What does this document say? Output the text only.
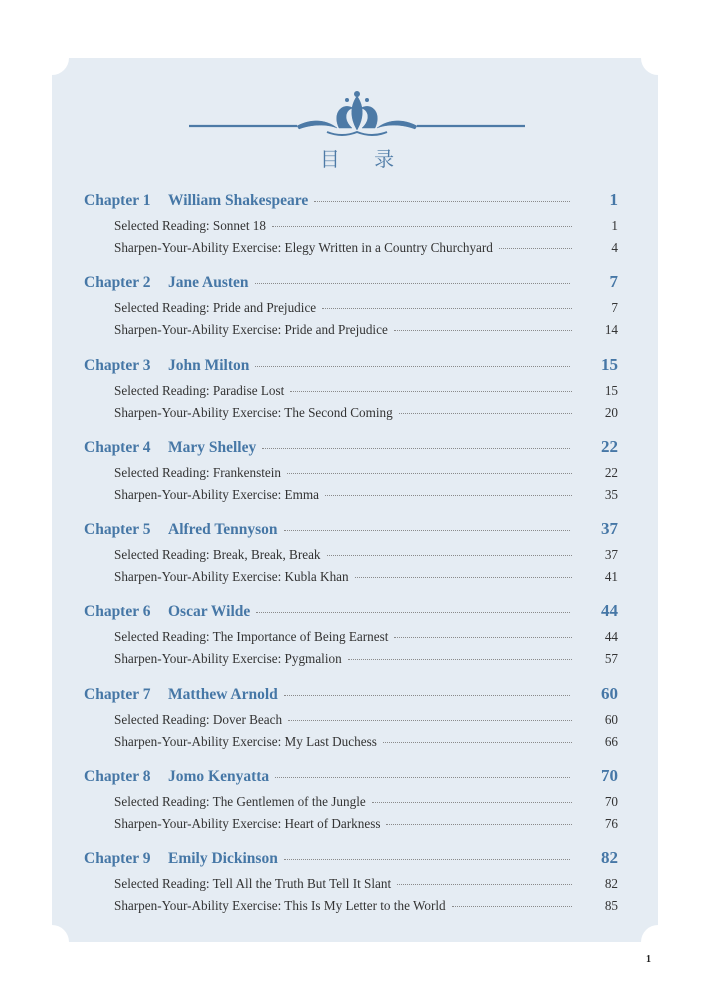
目 录
Chapter 1	William Shakespeare	1
Selected Reading: Sonnet 18	1
Sharpen-Your-Ability Exercise: Elegy Written in a Country Churchyard	4
Chapter 2	Jane Austen	7
Selected Reading: Pride and Prejudice	7
Sharpen-Your-Ability Exercise: Pride and Prejudice	14
Chapter 3	John Milton	15
Selected Reading: Paradise Lost	15
Sharpen-Your-Ability Exercise: The Second Coming	20
Chapter 4	Mary Shelley	22
Selected Reading: Frankenstein	22
Sharpen-Your-Ability Exercise: Emma	35
Chapter 5	Alfred Tennyson	37
Selected Reading: Break, Break, Break	37
Sharpen-Your-Ability Exercise: Kubla Khan	41
Chapter 6	Oscar Wilde	44
Selected Reading: The Importance of Being Earnest	44
Sharpen-Your-Ability Exercise: Pygmalion	57
Chapter 7	Matthew Arnold	60
Selected Reading: Dover Beach	60
Sharpen-Your-Ability Exercise: My Last Duchess	66
Chapter 8	Jomo Kenyatta	70
Selected Reading: The Gentlemen of the Jungle	70
Sharpen-Your-Ability Exercise: Heart of Darkness	76
Chapter 9	Emily Dickinson	82
Selected Reading: Tell All the Truth But Tell It Slant	82
Sharpen-Your-Ability Exercise: This Is My Letter to the World	85
1
